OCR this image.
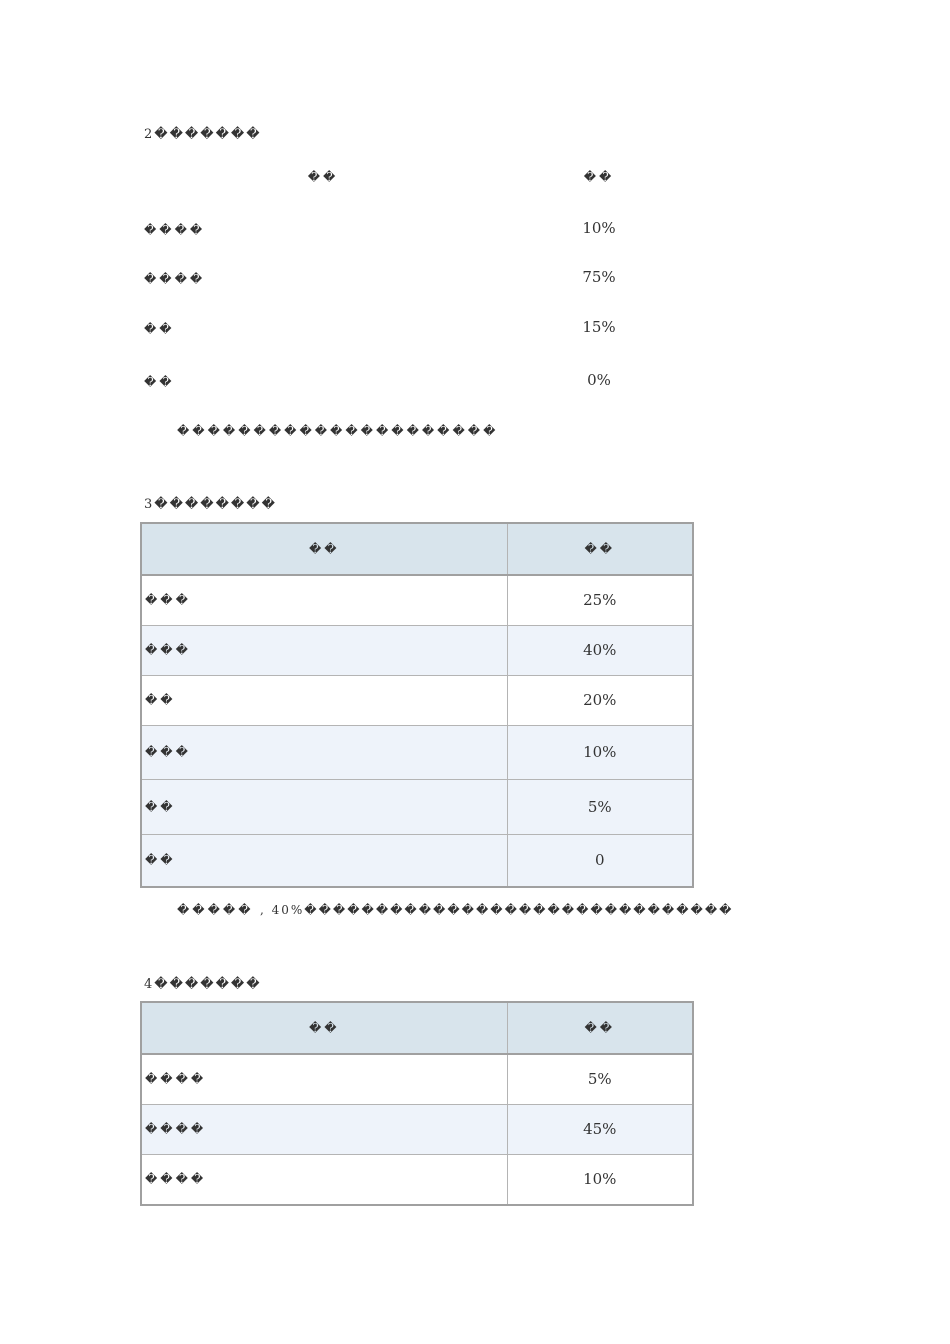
2�������
��	��
����	10%
����	75%
��	15%
��	0%
���������������������
3��������
��	��
���	25%
���	40%
��	20%
���	10%
��	5%
��	0
����� , 40%������������������������������
4�������
��	��
����	5%
����	45%
����	10%
